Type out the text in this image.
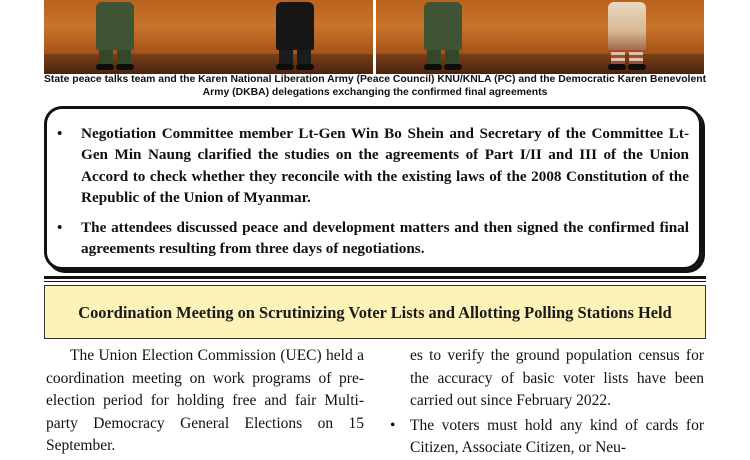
State peace talks team and the Karen National Liberation Army (Peace Council) KNU/KNLA (PC) and the Democratic Karen Benevolent Army (DKBA) delegations exchanging the confirmed final agreements
• Negotiation Committee member Lt-Gen Win Bo Shein and Secretary of the Committee Lt-Gen Min Naung clarified the studies on the agreements of Part I/II and III of the Union Accord to check whether they reconcile with the existing laws of the 2008 Constitution of the Republic of the Union of Myanmar.
• The attendees discussed peace and development matters and then signed the confirmed final agreements resulting from three days of negotiations.
Coordination Meeting on Scrutinizing Voter Lists and Allotting Polling Stations Held

The Union Election Commission (UEC) held a coordination meeting on work programs of pre-election period for holding free and fair Multi-party Democracy General Elections on 15 September.

es to verify the ground population census for the accuracy of basic voter lists have been carried out since February 2022.

• The voters must hold any kind of cards for Citizen, Associate Citizen, or Neu-
